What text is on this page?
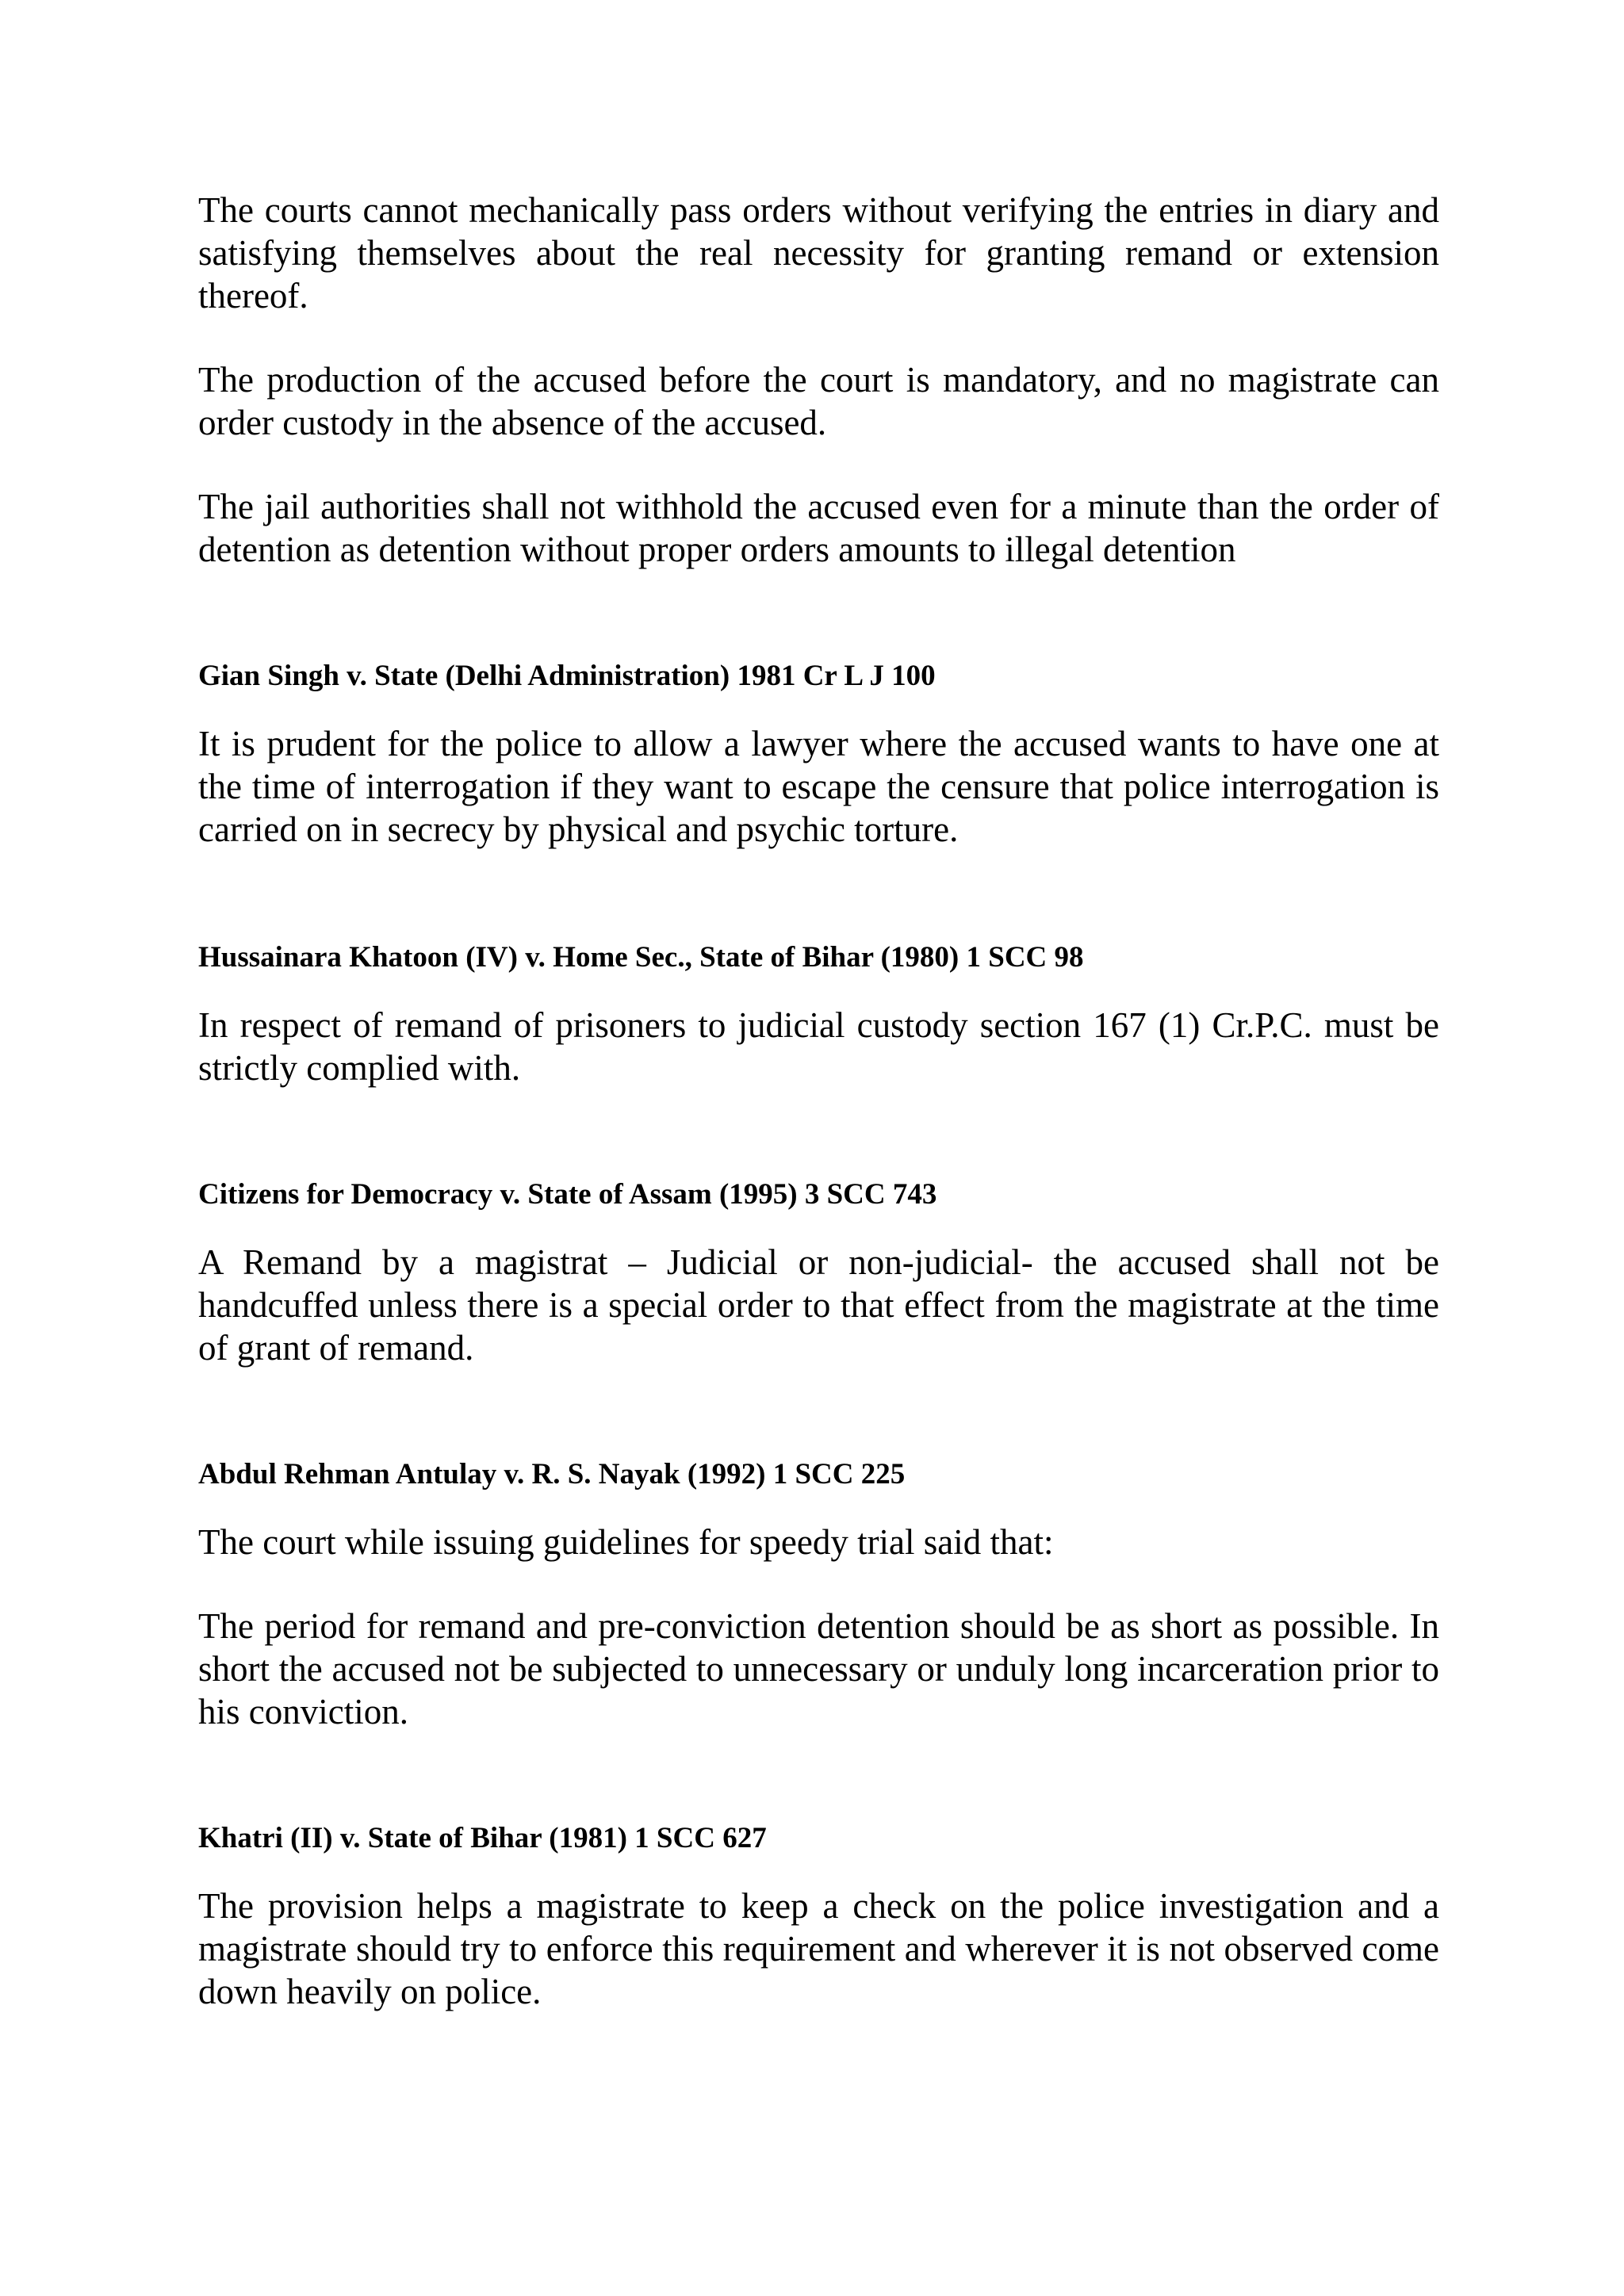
The courts cannot mechanically pass orders without verifying the entries in diary and satisfying themselves about the real necessity for granting remand or extension thereof.

The production of the accused before the court is mandatory, and no magistrate can order custody in the absence of the accused.

The jail authorities shall not withhold the accused even for a minute than the order of detention as detention without proper orders amounts to illegal detention

Gian Singh v. State (Delhi Administration) 1981 Cr L J 100

It is prudent for the police to allow a lawyer where the accused wants to have one at the time of interrogation if they want to escape the censure that police interrogation is carried on in secrecy by physical and psychic torture.

Hussainara Khatoon (IV) v. Home Sec., State of Bihar (1980) 1 SCC 98

In respect of remand of prisoners to judicial custody section 167 (1) Cr.P.C. must be strictly complied with.

Citizens for Democracy v. State of Assam (1995) 3 SCC 743

A Remand by a magistrat – Judicial or non-judicial- the accused shall not be handcuffed unless there is a special order to that effect from the magistrate at the time of grant of remand.

Abdul Rehman Antulay v. R. S. Nayak (1992) 1 SCC 225

The court while issuing guidelines for speedy trial said that:

The period for remand and pre-conviction detention should be as short as possible. In short the accused not be subjected to unnecessary or unduly long incarceration prior to his conviction.

Khatri (II) v. State of Bihar (1981) 1 SCC 627

The provision helps a magistrate to keep a check on the police investigation and a magistrate should try to enforce this requirement and wherever it is not observed come down heavily on police.
